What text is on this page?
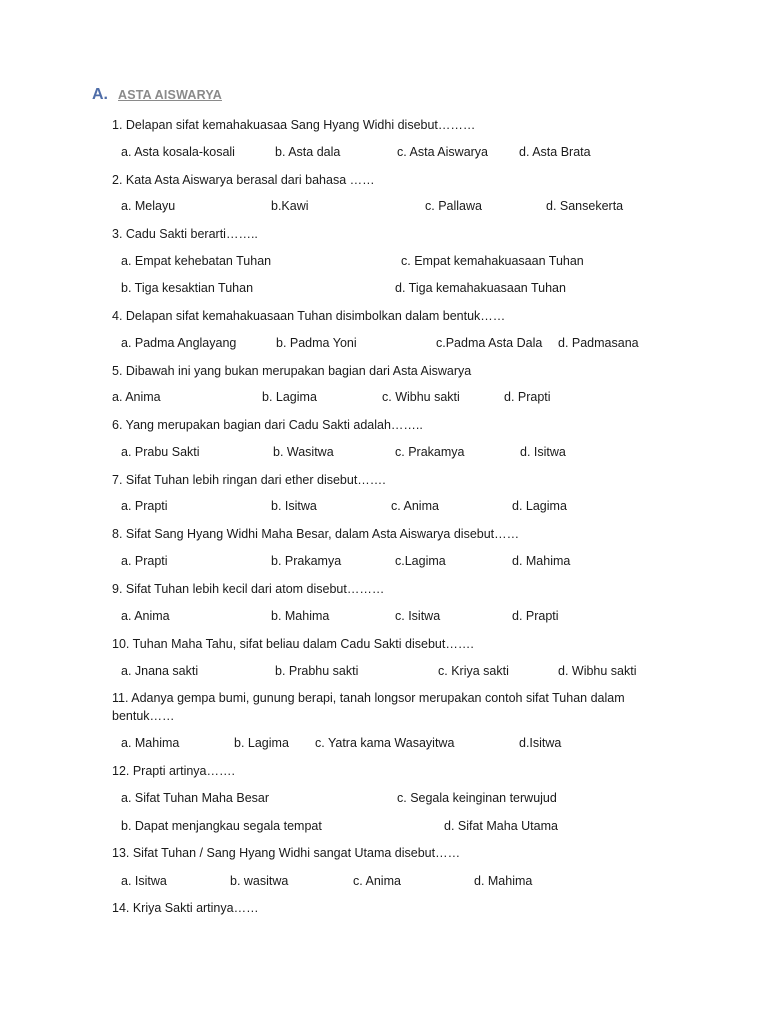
A. ASTA AISWARYA
1. Delapan sifat kemahakuasaa Sang Hyang Widhi disebut………
a. Asta kosala-kosali	b. Asta dala	c. Asta Aiswarya d. Asta Brata
2. Kata Asta Aiswarya berasal dari bahasa ……
a. Melayu	b.Kawi	c. Pallawa	d. Sansekerta
3. Cadu Sakti berarti……..
a. Empat kehebatan Tuhan	c. Empat kemahakuasaan Tuhan
b. Tiga kesaktian Tuhan	d. Tiga kemahakuasaan Tuhan
4. Delapan sifat kemahakuasaan Tuhan disimbolkan dalam bentuk……
a. Padma Anglayang	b. Padma Yoni	c.Padma Asta Dala d. Padmasana
5. Dibawah ini yang bukan merupakan bagian dari Asta Aiswarya
a. Anima	b. Lagima	c. Wibhu sakti	d. Prapti
6. Yang merupakan bagian dari Cadu Sakti adalah……..
a. Prabu Sakti	b. Wasitwa	c. Prakamya	d. Isitwa
7. Sifat Tuhan lebih ringan dari ether disebut…….
a. Prapti	b. Isitwa	c. Anima	d. Lagima
8. Sifat Sang Hyang Widhi Maha Besar, dalam Asta Aiswarya disebut……
a. Prapti	b. Prakamya	c.Lagima	d. Mahima
9. Sifat Tuhan lebih kecil dari atom disebut………
a. Anima	b. Mahima	c. Isitwa	d. Prapti
10. Tuhan Maha Tahu, sifat beliau dalam Cadu Sakti disebut…….
a. Jnana sakti	b. Prabhu sakti	c. Kriya sakti	d. Wibhu sakti
11. Adanya gempa bumi, gunung berapi, tanah longsor merupakan contoh sifat Tuhan dalam
bentuk……
a. Mahima	b. Lagima c. Yatra kama Wasayitwa	d.Isitwa
12. Prapti artinya…….
a. Sifat Tuhan Maha Besar	c. Segala keinginan terwujud
b. Dapat menjangkau segala tempat	d. Sifat Maha Utama
13. Sifat Tuhan / Sang Hyang Widhi sangat Utama disebut……
a. Isitwa	b. wasitwa	c. Anima	d. Mahima
14. Kriya Sakti artinya……
